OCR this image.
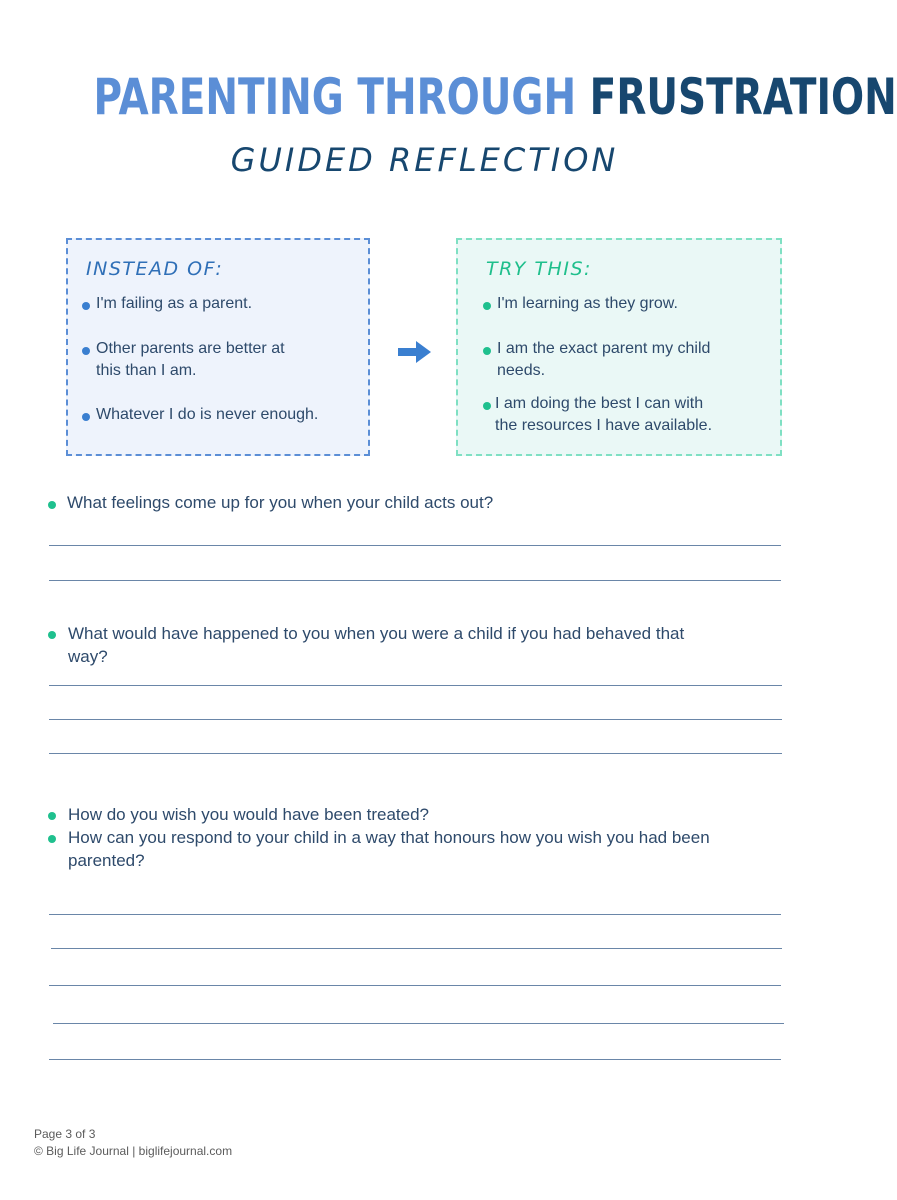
PARENTING THROUGH FRUSTRATION
GUIDED REFLECTION
INSTEAD OF:
I'm failing as a parent.
Other parents are better at
this than I am.
Whatever I do is never enough.
TRY THIS:
I'm learning as they grow.
I am the exact parent my child
needs.
I am doing the best I can with
the resources I have available.
What feelings come up for you when your child acts out?
What would have happened to you when you were a child if you had behaved that
way?
How do you wish you would have been treated?
How can you respond to your child in a way that honours how you wish you had been
parented?
Page 3 of 3
© Big Life Journal | biglifejournal.com
